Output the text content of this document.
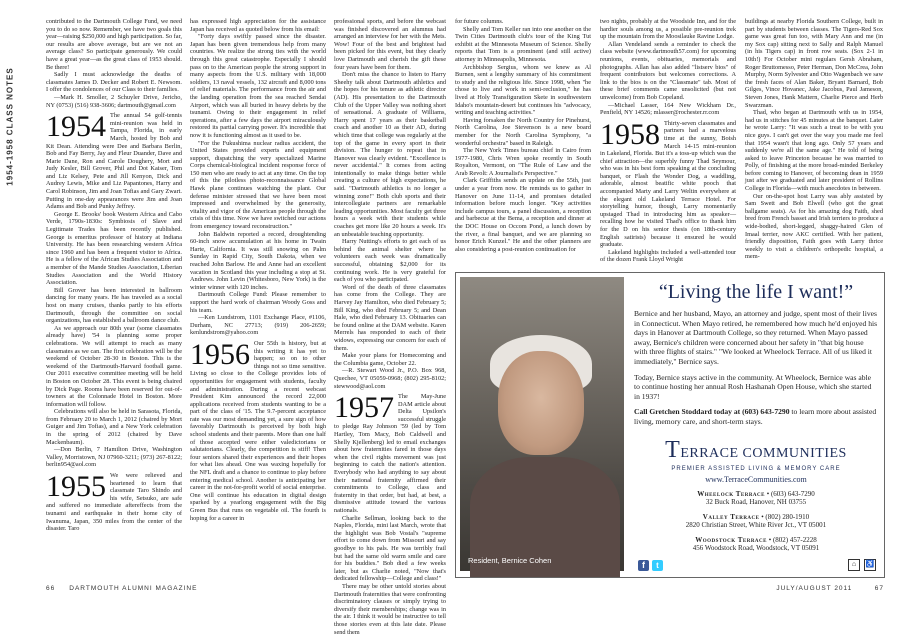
1954-1958 CLASS NOTES

contributed to the Dartmouth College Fund, we need you to do so now. Remember, we have two goals this year—raising $250,000 and high participation. So far, our results are above average, but are we not an average class? So participate generously. We could have a great year—as the great class of 1953 should. Be there!

Sadly I must acknowledge the deaths of classmates James D. Decker and Robert E. Newsom. I offer the condolences of our Class to their families.

—Mark H. Smoller, 2 Schuyler Drive, Jericho, NY (0753) (516) 938-3606; dartmouth@gmail.com

1954 The annual 54 golf-tennis mini-reunion was held in Tampa, Florida, in early March, hosted by Bob and Kit Dean. Attending were Dee and Barbara Berlin, Bob and Fay Berry, Jay and Fleur Duander, Dave and Marie Dane, Ron and Carole Doughery, Mort and Judy Kesler, Bill Grover, Phil and Dot Kaiser, Tom and Liz Kelsey, Pete and Jill Kenyon, Dick and Audrey Lewis, Mike and Liz Papantones, Harry and Carol Robinson, Jim and Joan Tofias and Gary Zwart. Putting in one-day appearances were Jim and Joan Adams and Bob and Punky Jeffrey.

George E. Brooks' book Western Africa and Cabo Verde, 1790s-1830s: Symbiosis of Slave and Legitimate Trades has been recently published. George is emeritus professor of history at Indiana University. He has been researching western Africa since 1960 and has been a frequent visitor to Africa. He is a fellow of the African Studies Association and a member of the Mande Studies Association, Liberian Studies Association and the World History Association.

Bill Grover has been interested in ballroom dancing for many years. He has traveled as a social host on many cruises, thanks partly to his efforts Dartmouth, through the committee on social organizations, has established a ballroom dance club.

As we approach our 80th year (some classmates already have) '54 is planning some proper celebrations. We will attempt to reach as many classmates as we can. The first celebration will be the weekend of October 28-30 in Boston. This is the weekend of the Dartmouth-Harvard football game. Our 2011 executive committee meeting will be held in Boston on October 28. This event is being chaired by Dick Page. Rooms have been reserved for out-of-towners at the Colonnade Hotel in Boston. More information will follow.

Celebrations will also be held in Sarasota, Florida, from February 20 to March 1, 2012 (chaired by Mort Guiger and Jim Tofias), and a New York celebration in the spring of 2012 (chaired by Dave Mackenbaum).

—Don Berlin, 7 Hamilton Drive, Washington Valley, Morristown, NJ 07960-3211; (973) 267-8122; berlin954@aol.com

1955 We were relieved and heartened to learn that classmate Taro Shindo and his wife, Setsuko, are safe and suffered no immediate aftereffects from the tsunami and earthquake in their home city of Iwanuma, Japan, 350 miles from the center of the disaster. Taro

has expressed high appreciation for the assistance Japan has received as quoted below from his email:

"Forty days swiftly passed since the disaster. Japan has been given tremendous help from many countries. We realize the strong ties with the world through this great catastrophe. Especially I should pass on to the American people the strong support in many aspects from the U.S. military with 18,000 soldiers, 13 naval vessels, 132 aircraft and 8,000 tons of relief materials. The performance from the air and the landing operation from the sea reached Sendai Airport, which was all buried in heavy debris by the tsunami. Owing to their engagement in relief operations, after a few days the airport miraculously restored its partial carrying power. It's incredible that now it is functioning almost as it used to be.

"For the Fukushima nuclear radius accident, the United States provided experts and equipment support, dispatching the very specialized Marine Corps chemical-biological incident response force of 150 men who are ready to act at any time. On the top of this the pilotless photo-reconnaissance Global Hawk plane continues watching the plant. Our defense minister stressed that we have been most impressed and overwhelmed by the generosity, vitality and vigor of the American people through the crisis of this time. Now we have switched our actions from emergency toward reconstruction."

John Baldwin reported a record, droughtending 60-inch snow accumulation at his home in Twain Harte, California. It was still snowing on Palm Sunday in Rapid City, South Dakota, when we reached John Barlow. He and Anne had an excellent vacation in Scotland this year including a stop at St. Andrews. John Levin (Whitesboro, New York) is the winter winner with 120 inches.

Dartmouth College Fund: Please remember to support the hard work of chairman Woody Goss and his team.

—Ken Lundstrom, 1101 Exchange Place, #1106, Durham, NC 27713; (919) 206-2659; kenlundstrom@yahoo.com

1956 Our 55th is history, but at this writing it has yet to happen; so on to other things not so time sensitive. Living so close to the College provides lots of opportunities for engagement with students, faculty and administration. During a recent webcast President Kim announced the record 22,000 applications received from students wanting to be a part of the class of '15. The 9.7-percent acceptance rate was our most demanding yet, a sure sign of how favorably Dartmouth is perceived by both high school students and their parents. More than one half of those accepted were either valedictorians or salutatorians. Clearly, the competition is stiff! Then four seniors shared their experiences and their hopes for what lies ahead. One was waxing hopefully for the NFL draft and a chance to continue to play before entering medical school. Another is anticipating her career in the not-for-profit world of social enterprise. One will continue his education in digital design sparked by a yearlong engagement with the Big Green Bus that runs on vegetable oil. The fourth is hoping for a career in

professional sports, and before the webcast was finished discovered an alumnus had arranged an interview for her with the Mets. Wow! Four of the best and brightest had been picked for this event, but they clearly love Dartmouth and cherish the gift these four years have been for them.

Don't miss the chance to listen to Harry Sheehy talk about Dartmouth athletics and the hopes for his tenure as athletic director (AD). His presentation to the Dartmouth Club of the Upper Valley was nothing short of sensational. A graduate of Williams, Harry spent 17 years as their basketball coach and another 10 as their AD, during which time that college was regularly at the top of the game in every sport in their division. The hunger to repeat that in Hanover was clearly evident. "Excellence is never accidental." It comes from acting intentionally to make things better while creating a culture of high expectations, he said. "Dartmouth athletics is no longer a winning zone!" Both club sports and their intercollegiate partners are remarkable leading opportunities. Most faculty get three hours a week with their students while coaches get more like 20 hours a week. It's an unbeatable teaching opportunity.

Harry Nutting's efforts to get each of us behind the animal shelter where he volunteers each week was dramatically successful, obtaining $2,000 for its continuing work. He is very grateful for each of you who participated.

Word of the death of three classmates has come from the College. They are Harvey Jay Hamilton, who died February 5; Bill King, who died February 5; and Dean Hale, who died February 13. Obituaries can be found online at the DAM website. Karen Merrels has responded to each of their widows, expressing our concern for each of them.

Make your plans for Homecoming and the Columbia game, October 22.

—R. Stewart Wood Jr., P.O. Box 968, Quechee, VT 05059-0968; (802) 295-8102; stewwood@aol.com

1957 The May-June DAM article about Delta Upsilon's successful struggle to pledge Ray Johnson '59 (led by Tom Hartley, Tom Macy, Bob Caldwell and Shelly Kjellenberg) led to email exchanges about how fraternities fared in those days when the civil rights movement was just beginning to catch the nation's attention. Everybody who had anything to say about their national fraternity affirmed their commitments to College, class and fraternity in that order, but had, at best, a dismissive attitude toward the various nationals.

Charlie Sellman, looking back to the Naples, Florida, mini last March, wrote that the highlight was Bob Vostal's "supreme effort to come down from Missouri and say goodbye to his pals. He was terribly frail but had the same old warm smile and care for his buddies." Bob died a few weeks later, but as Charlie noted, "Now that's dedicated fellowship—College and class!"

There may be other untold stories about Dartmouth fraternities that were confronting discriminatory clauses or simply trying to diversify their memberships; change was in the air. I think it would be instructive to tell those stories even at this late date. Please send them

for future columns.

Shelly and Tom Keller ran into one another on the Twin Cities Dartmouth club's tour of the King Tut exhibit at the Minnesota Museum of Science. Shelly reports that Tom is a prominent (and still active) attorney in Minneapolis, Minnesota.

Archbishop Sergius, whom we knew as Al Burnen, sent a lengthy summary of his commitment to study and the religious life. Since 1998, when "he chose to live and work in semi-reclusion," he has lived at Holy Transfiguration Skete in southwestern Idaho's mountain-desert but continues his "advocacy, writing and teaching activities."

Having forsaken the North Country for Pinehurst, North Carolina, Joe Stevenson is a new board member for the North Carolina Symphony, "a wonderful orchestra" based in Raleigh.

The New York Times bureau chief in Cairo from 1977-1980, Chris Wren spoke recently in South Royalton, Vermont, on "The Rule of Law and the Arab Revolt: A Journalist's Perspective."

Clark Griffiths sends an update on the 55th, just under a year from now. He reminds us to gather in Hanover on June 11-14, and promises detailed information before much longer. "Key activities include campus tours, a panel discussion, a reception and barbecue at the Bema, a reception and dinner at the DOC House on Occom Pond, a lunch down by the river, a final banquet, and we are planning so honor Erich Kunzel." He and the other planners are also considering a post-reunion continuation for

two nights, probably at the Woodside Inn, and for the hardier souls among us, a possible pre-reunion trek up the mountain from the Moosilauke Ravine Lodge.

Allan Vendeland sends a reminder to check the class website (www.dartmouth57.com) for upcoming reunions, events, obituaries, memorials and photographs. Allan has also added "listserv bios" of frequent contributors but welcomes corrections. A link to the bios is on the "Classmate" tab. Most of these brief comments came unsolicited (but not unwelcome) from Bob Copeland.

—Michael Lasser, 164 New Wickham Dr., Penfield, NY 14526; mlasser@rochester.rr.com

1958 Thirty-seven classmates and partners had a marvelous time at the sunny, Boish March 14-15 mini-reunion in Lakeland, Florida. But it's a toss-up which was the chief attraction—the superbly funny Thad Seymour, who was in his best form speaking at the concluding banquet, or Flash the Wonder Dog, a waddling, adorable, almost beatific white pooch that accompanied Marty and Larry Weltin everywhere at the elegant old Lakeland Terrace Hotel. For storytelling humor, though, Larry momentarily upstaged Thad in introducing him as speaker—recalling how he visited Thad's office to thank him for the D on his senior thesis (on 18th-century English satirists) because it ensured he would graduate.

Lakeland highlights included a well-attended tour of the dozen Frank Lloyd Wright

buildings at nearby Florida Southern College, built in part by students between classes. The Tigers-Red Sox game was great fun too, with Mary Ann and me (in my Sox cap) sitting next to Sally and Ralph Manuel (in his Tigers cap) in front row seats. (Sox 2-1 in 10th!) For October mini regulars Gersh Abraham, Roger Bruttomesso, Peter Herman, Don McCrea, John Murphy, Norm Sylvester and Otto Wagenbach we saw the fresh faces of Alan Baker, Bryant Barnard, Bob Gilges, Vince Hovanec, Jake Jacobus, Paul Jameson, Steven Jones, Hank Mattern, Charlie Pierce and Herb Swarzman.

Thad, who began at Dartmouth with us in 1954, had us in stitches for 45 minutes at the banquet. Later he wrote Larry: "It was such a treat to be with you nice guys. I can't get over the way you made me feel that 1954 wasn't that long ago. Only 57 years and suddenly we're all the same age." He told of being asked to leave Princeton because he was married to Polly, of finishing at the more broad-minded Berkeley before coming to Hanover, of becoming dean in 1959 just after we graduated and later president of Rollins College in Florida—with much anecdotes in between.

Our on-the-spot host Larry was ably assisted by Sam Swett and Bob Elwell (who got the great ballgame seats). As for his amazing dog Faith, shed bred from French basset and Irish terriers to produce a wide-bodied, short-legged, shaggy-haired Glen of Imaal terrier, now AKC certified. With her patient, friendly disposition, Faith goes with Larry thrice weekly to visit a children's orthopedic hospital, a mem-

Resident, Bernice Cohen
“Living the life I want!”

Bernice and her husband, Mayo, an attorney and judge, spent most of their lives in Connecticut. When Mayo retired, he remembered how much he'd enjoyed his days in Hanover at Dartmouth College, so they returned. When Mayo passed away, Bernice's children were concerned about her safety in "that big house with three flights of stairs." "We looked at Wheelock Terrace. All of us liked it immediately," Bernice says.

Today, Bernice stays active in the community. At Wheelock, Bernice was able to continue hosting her annual Rosh Hashanah Open House, which she started in 1937!

Call Gretchen Stoddard today at (603) 643-7290 to learn more about assisted living, memory care, and short-term stays.

TERRACE COMMUNITIES
PREMIER ASSISTED LIVING & MEMORY CARE
www.TerraceCommunities.com
Wheelock Terrace • (603) 643-7290
32 Buck Road, Hanover, NH 03755
Valley Terrace • (802) 280-1910
2820 Christian Street, White River Jct., VT 05001
Woodstock Terrace • (802) 457-2228
456 Woodstock Road, Woodstock, VT 05091
f	t	⌂	♿
66 DARTMOUTH ALUMNI MAGAZINE	JULY/AUGUST 2011	67
